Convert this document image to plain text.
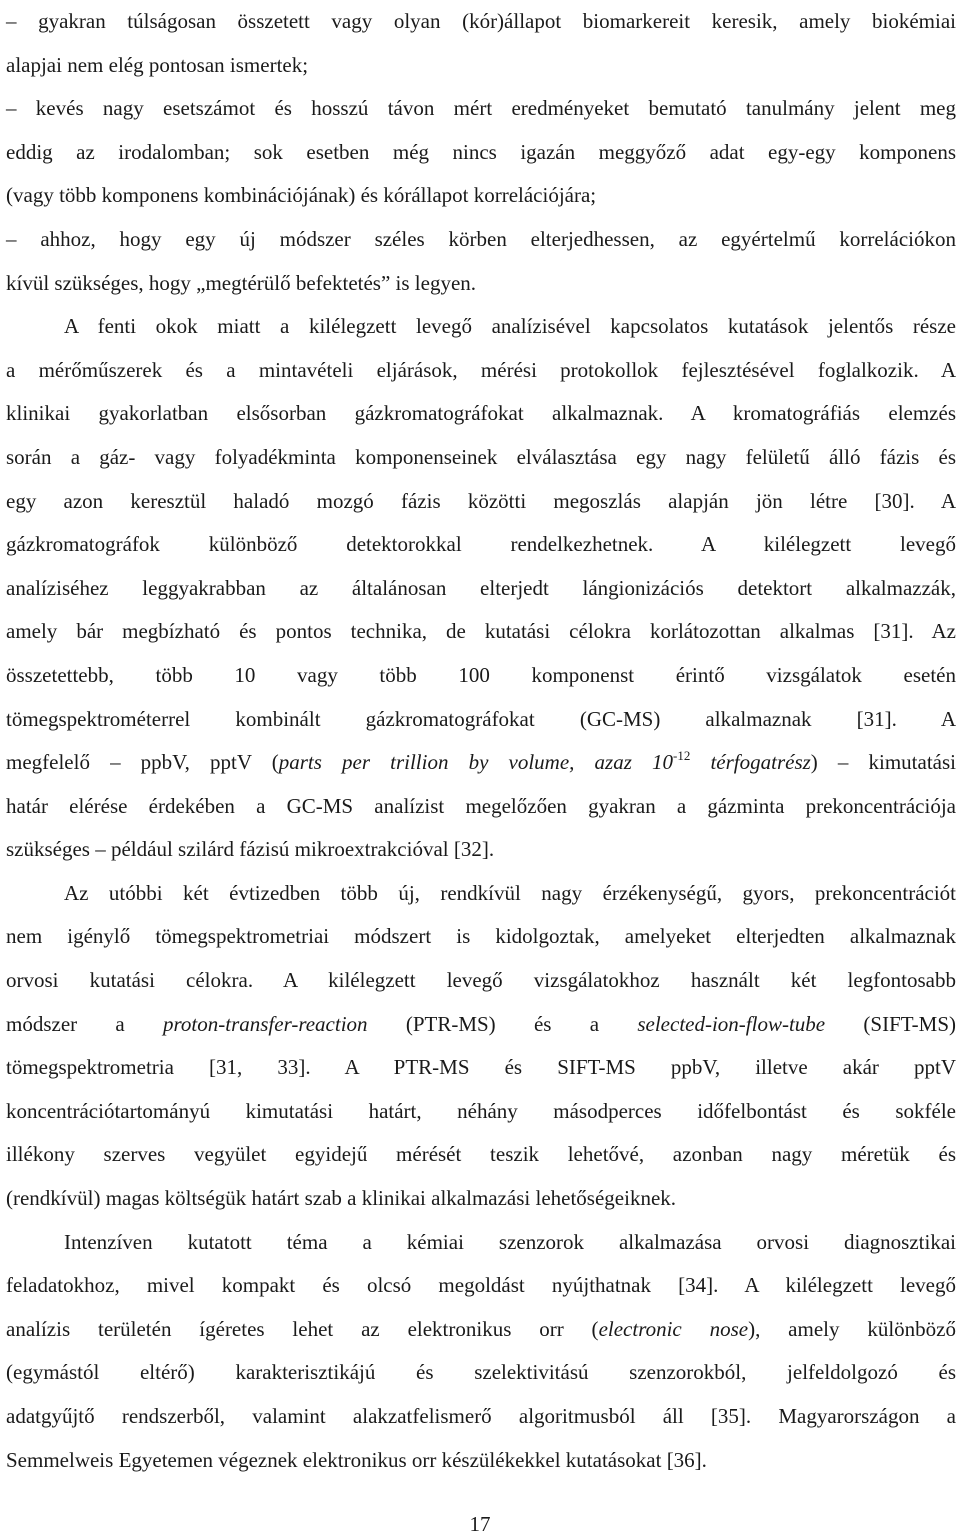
– gyakran túlságosan összetett vagy olyan (kór)állapot biomarkereit keresik, amely biokémiai
alapjai nem elég pontosan ismertek;
– kevés nagy esetszámot és hosszú távon mért eredményeket bemutató tanulmány jelent meg
eddig az irodalomban; sok esetben még nincs igazán meggyőző adat egy-egy komponens
(vagy több komponens kombinációjának) és kórállapot korrelációjára;
– ahhoz, hogy egy új módszer széles körben elterjedhessen, az egyértelmű korrelációkon
kívül szükséges, hogy „megtérülő befektetés” is legyen.
A fenti okok miatt a kilélegzett levegő analízisével kapcsolatos kutatások jelentős része
a mérőműszerek és a mintavételi eljárások, mérési protokollok fejlesztésével foglalkozik. A
klinikai gyakorlatban elsősorban gázkromatográfokat alkalmaznak. A kromatográfiás elemzés
során a gáz- vagy folyadékminta komponenseinek elválasztása egy nagy felületű álló fázis és
egy azon keresztül haladó mozgó fázis közötti megoszlás alapján jön létre [30]. A
gázkromatográfok különböző detektorokkal rendelkezhetnek. A kilélegzett levegő
analíziséhez leggyakrabban az általánosan elterjedt lángionizációs detektort alkalmazzák,
amely bár megbízható és pontos technika, de kutatási célokra korlátozottan alkalmas [31]. Az
összetettebb, több 10 vagy több 100 komponenst érintő vizsgálatok esetén
tömegspektrométerrel kombinált gázkromatográfokat (GC-MS) alkalmaznak [31]. A
megfelelő – ppbV, pptV (parts per trillion by volume, azaz $10^{-12}$ térfogatrész) – kimutatási
határ elérése érdekében a GC-MS analízist megelőzően gyakran a gázminta prekoncentrációja
szükséges – például szilárd fázisú mikroextrakcióval [32].
Az utóbbi két évtizedben több új, rendkívül nagy érzékenységű, gyors, prekoncentrációt
nem igénylő tömegspektrometriai módszert is kidolgoztak, amelyeket elterjedten alkalmaznak
orvosi kutatási célokra. A kilélegzett levegő vizsgálatokhoz használt két legfontosabb
módszer a proton-transfer-reaction (PTR-MS) és a selected-ion-flow-tube (SIFT-MS)
tömegspektrometria [31, 33]. A PTR-MS és SIFT-MS ppbV, illetve akár pptV
koncentrációtartományú kimutatási határt, néhány másodperces időfelbontást és sokféle
illékony szerves vegyület egyidejű mérését teszik lehetővé, azonban nagy méretük és
(rendkívül) magas költségük határt szab a klinikai alkalmazási lehetőségeiknek.
Intenzíven kutatott téma a kémiai szenzorok alkalmazása orvosi diagnosztikai
feladatokhoz, mivel kompakt és olcsó megoldást nyújthatnak [34]. A kilélegzett levegő
analízis területén ígéretes lehet az elektronikus orr (electronic nose), amely különböző
(egymástól eltérő) karakterisztikájú és szelektivitású szenzorokból, jelfeldolgozó és
adatgyűjtő rendszerből, valamint alakzatfelismerő algoritmusból áll [35]. Magyarországon a
Semmelweis Egyetemen végeznek elektronikus orr készülékekkel kutatásokat [36].
17
